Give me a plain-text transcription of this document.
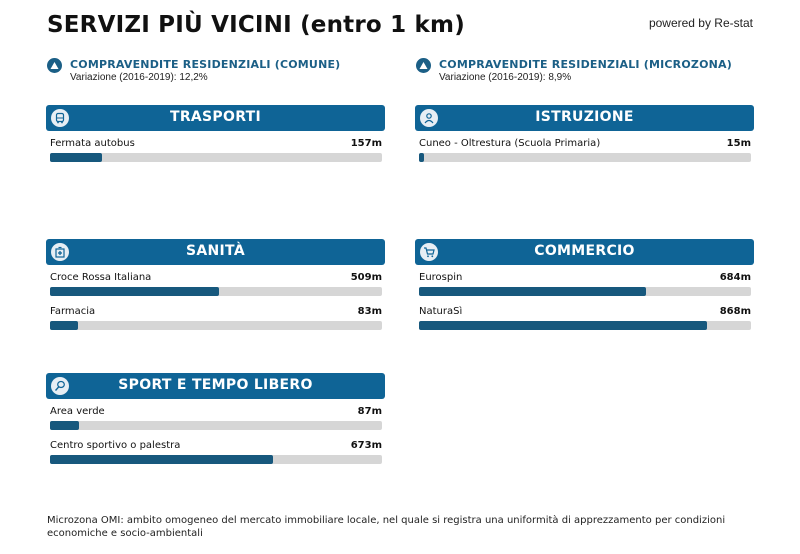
SERVIZI PIÙ VICINI (entro 1 km)	powered by Re-stat
COMPRAVENDITE RESIDENZIALI (COMUNE)
Variazione (2016-2019): 12,2%
COMPRAVENDITE RESIDENZIALI (MICROZONA)
Variazione (2016-2019): 8,9%
TRASPORTI
Fermata autobus	157m
ISTRUZIONE
Cuneo - Oltrestura (Scuola Primaria)	15m
SANITÀ
Croce Rossa Italiana	509m
Farmacia	83m
COMMERCIO
Eurospin	684m
NaturaSì	868m
SPORT E TEMPO LIBERO
Area verde	87m
Centro sportivo o palestra	673m
Microzona OMI: ambito omogeneo del mercato immobiliare locale, nel quale si registra una uniformità di apprezzamento per condizioni economiche e socio-ambientali
